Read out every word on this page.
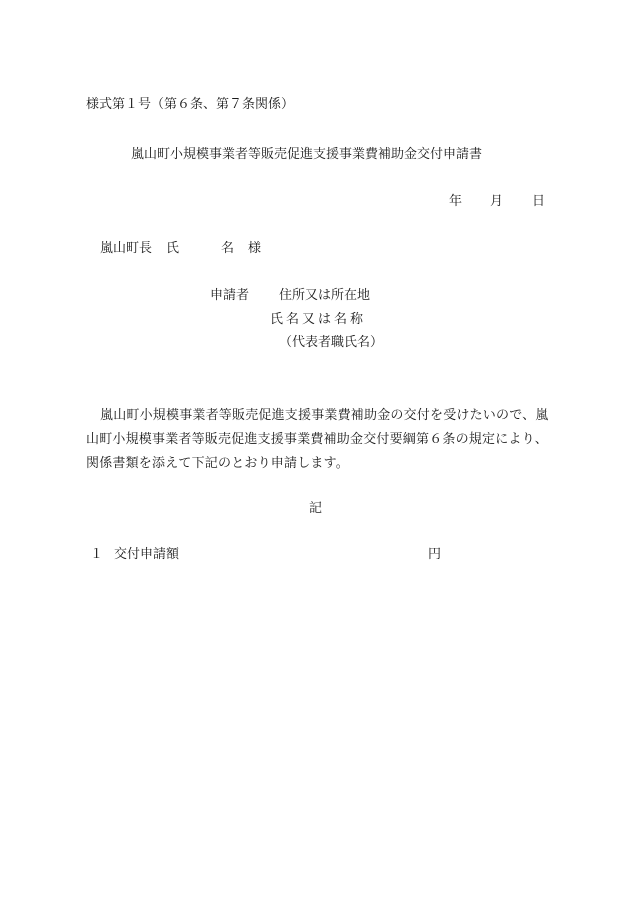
様式第１号（第６条、第７条関係）
嵐山町小規模事業者等販売促進支援事業費補助金交付申請書
年 月 日
嵐山町長 氏	名 様
申請者 住所又は所在地
氏名又は名称
（代表者職氏名）
嵐山町小規模事業者等販売促進支援事業費補助金の交付を受けたいので、嵐山町小規模事業者等販売促進支援事業費補助金交付要綱第６条の規定により、関係書類を添えて下記のとおり申請します。
記
１ 交付申請額	円
